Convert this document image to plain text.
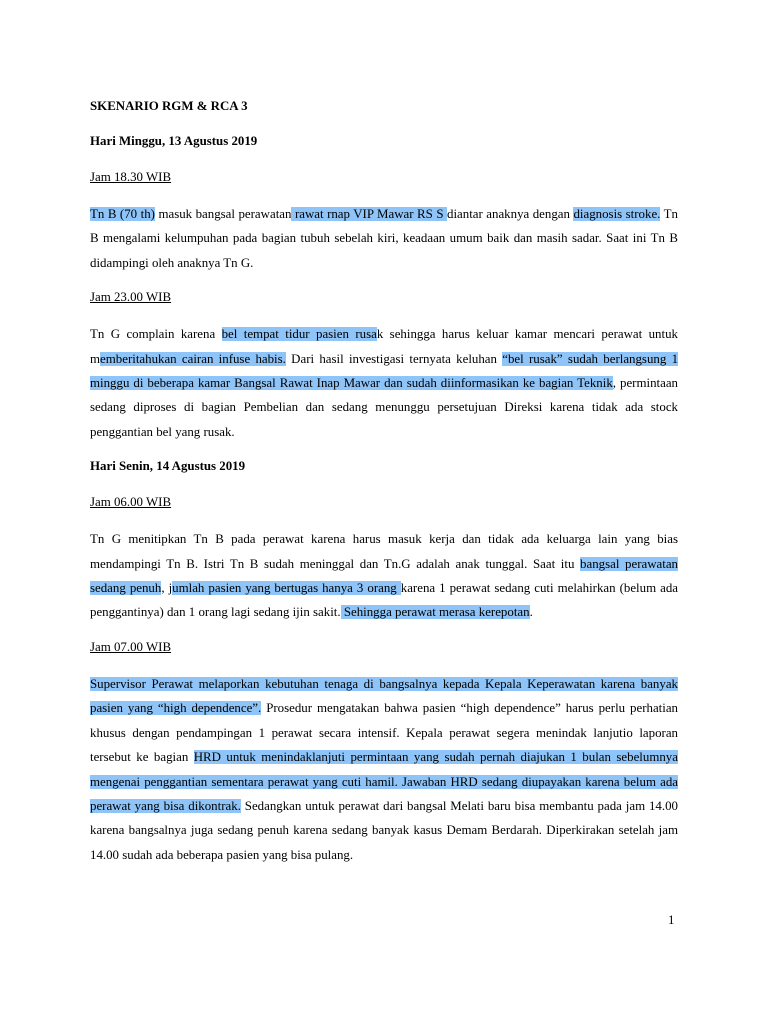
SKENARIO RGM & RCA 3
Hari Minggu, 13 Agustus 2019
Jam 18.30 WIB

Tn B (70 th) masuk bangsal perawatan rawat rnap VIP Mawar RS S diantar anaknya dengan diagnosis stroke. Tn B mengalami kelumpuhan pada bagian tubuh sebelah kiri, keadaan umum baik dan masih sadar. Saat ini Tn B didampingi oleh anaknya Tn G.

Jam 23.00 WIB

Tn G complain karena bel tempat tidur pasien rusak sehingga harus keluar kamar mencari perawat untuk memberitahukan cairan infuse habis. Dari hasil investigasi ternyata keluhan “bel rusak” sudah berlangsung 1 minggu di beberapa kamar Bangsal Rawat Inap Mawar dan sudah diinformasikan ke bagian Teknik, permintaan sedang diproses di bagian Pembelian dan sedang menunggu persetujuan Direksi karena tidak ada stock penggantian bel yang rusak.

Hari Senin, 14 Agustus 2019
Jam 06.00 WIB

Tn G menitipkan Tn B pada perawat karena harus masuk kerja dan tidak ada keluarga lain yang bias mendampingi Tn B. Istri Tn B sudah meninggal dan Tn.G adalah anak tunggal. Saat itu bangsal perawatan sedang penuh, jumlah pasien yang bertugas hanya 3 orang karena 1 perawat sedang cuti melahirkan (belum ada penggantinya) dan 1 orang lagi sedang ijin sakit. Sehingga perawat merasa kerepotan.

Jam 07.00 WIB

Supervisor Perawat melaporkan kebutuhan tenaga di bangsalnya kepada Kepala Keperawatan karena banyak pasien yang “high dependence”. Prosedur mengatakan bahwa pasien “high dependence” harus perlu perhatian khusus dengan pendampingan 1 perawat secara intensif. Kepala perawat segera menindak lanjutio laporan tersebut ke bagian HRD untuk menindaklanjuti permintaan yang sudah pernah diajukan 1 bulan sebelumnya mengenai penggantian sementara perawat yang cuti hamil. Jawaban HRD sedang diupayakan karena belum ada perawat yang bisa dikontrak. Sedangkan untuk perawat dari bangsal Melati baru bisa membantu pada jam 14.00 karena bangsalnya juga sedang penuh karena sedang banyak kasus Demam Berdarah. Diperkirakan setelah jam 14.00 sudah ada beberapa pasien yang bisa pulang.

1
